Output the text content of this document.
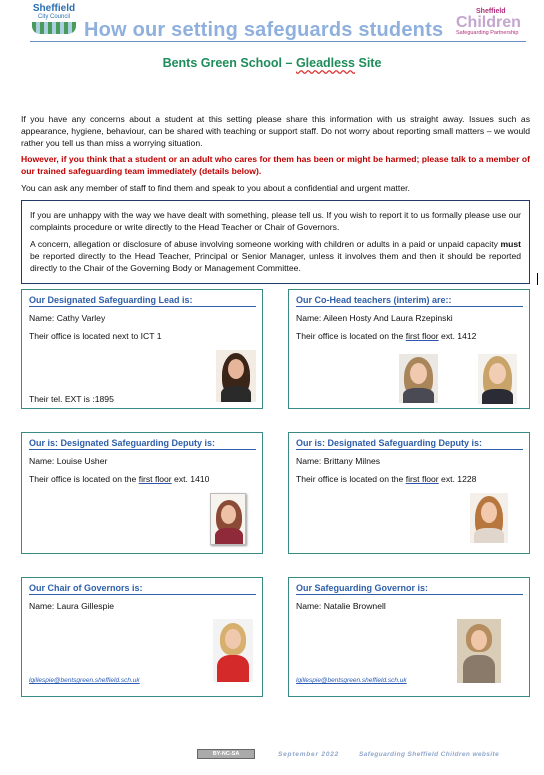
Sheffield
City Council
How our setting safeguards students
Sheffield
Children
Safeguarding Partnership
Bents Green School – Gleadless Site

If you have any concerns about a student at this setting please share this information with us straight away. Issues such as appearance, hygiene, behaviour, can be shared with teaching or support staff. Do not worry about reporting small matters – we would rather you tell us than miss a worrying situation.

However, if you think that a student or an adult who cares for them has been or might be harmed; please talk to a member of our trained safeguarding team immediately (details below).

You can ask any member of staff to find them and speak to you about a confidential and urgent matter.

If you are unhappy with the way we have dealt with something, please tell us. If you wish to report it to us formally please use our complaints procedure or write directly to the Head Teacher or Chair of Governors.

A concern, allegation or disclosure of abuse involving someone working with children or adults in a paid or unpaid capacity must be reported directly to the Head Teacher, Principal or Senior Manager, unless it involves them and then it should be reported directly to the Chair of the Governing Body or Management Committee.

Our Designated Safeguarding Lead is:
Name: Cathy Varley
Their office is located next to ICT 1
Their tel. EXT is :1895
Our Co-Head teachers (interim) are::
Name: Aileen Hosty And Laura Rzepinski
Their office is located on the first floor ext. 1412
Our is: Designated Safeguarding Deputy is:
Name: Louise Usher
Their office is located on the first floor ext. 1410
Our is: Designated Safeguarding Deputy is:
Name: Brittany Milnes
Their office is located on the first floor ext. 1228
Our Chair of Governors is:
Name: Laura Gillespie
lgillespie@bentsgreen.sheffield.sch.uk
Our Safeguarding Governor is:
Name: Natalie Brownell
lgillespie@bentsgreen.sheffield.sch.uk
BY-NC-SA	September 2022	Safeguarding Sheffield Children website
